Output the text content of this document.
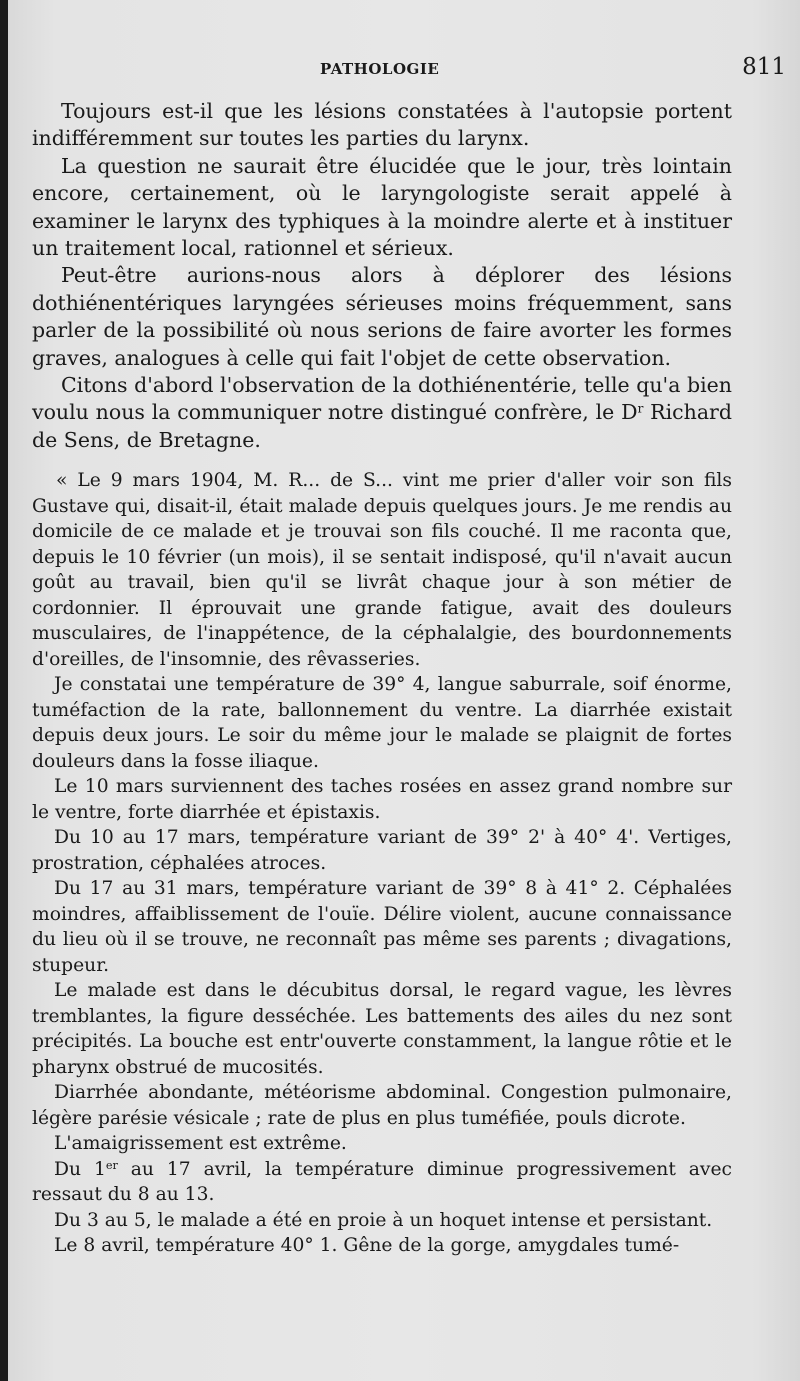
PATHOLOGIE	811

Toujours est-il que les lésions constatées à l'autopsie portent indifféremment sur toutes les parties du larynx.

La question ne saurait être élucidée que le jour, très lointain encore, certainement, où le laryngologiste serait appelé à examiner le larynx des typhiques à la moindre alerte et à instituer un traitement local, rationnel et sérieux.

Peut-être aurions-nous alors à déplorer des lésions dothiénentériques laryngées sérieuses moins fréquemment, sans parler de la possibilité où nous serions de faire avorter les formes graves, analogues à celle qui fait l'objet de cette observation.

Citons d'abord l'observation de la dothiénentérie, telle qu'a bien voulu nous la communiquer notre distingué confrère, le $D^r$ Richard de Sens, de Bretagne.

« Le 9 mars 1904, M. R... de S... vint me prier d'aller voir son fils Gustave qui, disait-il, était malade depuis quelques jours. Je me rendis au domicile de ce malade et je trouvai son fils couché. Il me raconta que, depuis le 10 février (un mois), il se sentait indisposé, qu'il n'avait aucun goût au travail, bien qu'il se livrât chaque jour à son métier de cordonnier. Il éprouvait une grande fatigue, avait des douleurs musculaires, de l'inappétence, de la céphalalgie, des bourdonnements d'oreilles, de l'insomnie, des rêvasseries.

Je constatai une température de 39° 4, langue saburrale, soif énorme, tuméfaction de la rate, ballonnement du ventre. La diarrhée existait depuis deux jours. Le soir du même jour le malade se plaignit de fortes douleurs dans la fosse iliaque.

Le 10 mars surviennent des taches rosées en assez grand nombre sur le ventre, forte diarrhée et épistaxis.

Du 10 au 17 mars, température variant de 39° 2' à 40° 4'. Vertiges, prostration, céphalées atroces.

Du 17 au 31 mars, température variant de 39° 8 à 41° 2. Céphalées moindres, affaiblissement de l'ouïe. Délire violent, aucune connaissance du lieu où il se trouve, ne reconnaît pas même ses parents ; divagations, stupeur.

Le malade est dans le décubitus dorsal, le regard vague, les lèvres tremblantes, la figure desséchée. Les battements des ailes du nez sont précipités. La bouche est entr'ouverte constamment, la langue rôtie et le pharynx obstrué de mucosités.

Diarrhée abondante, météorisme abdominal. Congestion pulmonaire, légère parésie vésicale ; rate de plus en plus tuméfiée, pouls dicrote.

L'amaigrissement est extrême.

Du 1er au 17 avril, la température diminue progressivement avec ressaut du 8 au 13.

Du 3 au 5, le malade a été en proie à un hoquet intense et persistant.

Le 8 avril, température 40° 1. Gêne de la gorge, amygdales tumé-
